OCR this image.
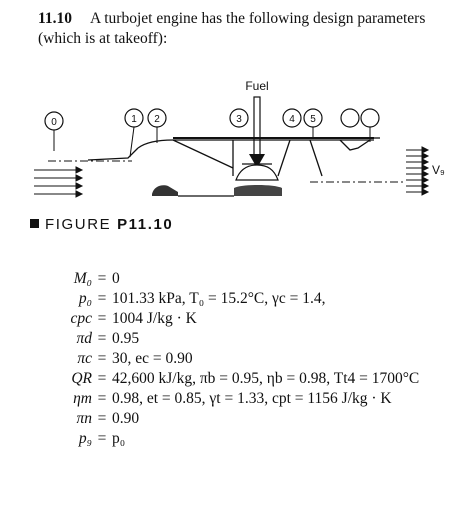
11.10 A turbojet engine has the following design parameters (which is at takeoff):
0	1 2	3	4 5
Fuel
V₉
FIGURE P11.10
M₀ = 0
p₀ = 101.33 kPa, T₀ = 15.2°C, γc = 1.4,
cpc = 1004 J/kg · K
πd = 0.95
πc = 30, ec = 0.90
QR = 42,600 kJ/kg, πb = 0.95, ηb = 0.98, Tt4 = 1700°C
ηm = 0.98, et = 0.85, γt = 1.33, cpt = 1156 J/kg · K
πn = 0.90
p₉ = p₀
